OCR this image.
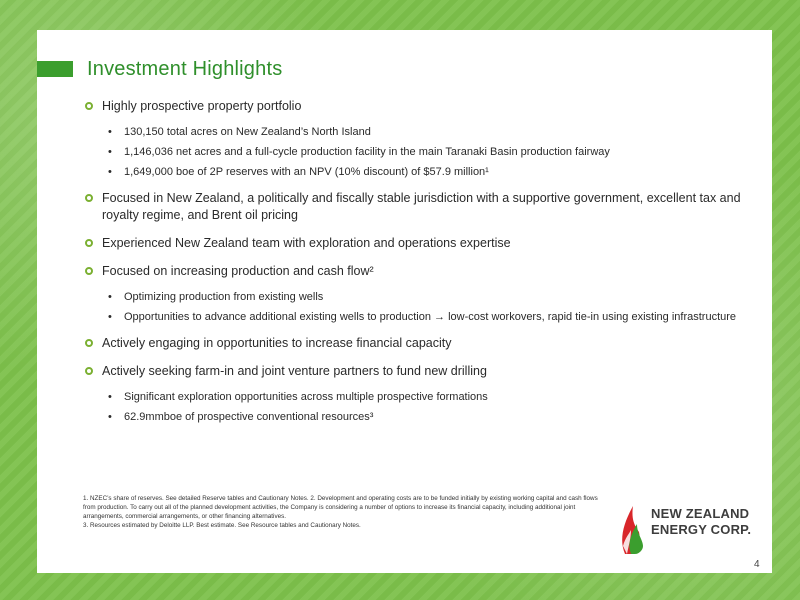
Investment Highlights
Highly prospective property portfolio
• 130,150 total acres on New Zealand’s North Island
• 1,146,036 net acres and a full-cycle production facility in the main Taranaki Basin production fairway
• 1,649,000 boe of 2P reserves with an NPV (10% discount) of $57.9 million¹
Focused in New Zealand, a politically and fiscally stable jurisdiction with a supportive government, excellent tax and royalty regime, and Brent oil pricing
Experienced New Zealand team with exploration and operations expertise
Focused on increasing production and cash flow²
• Optimizing production from existing wells
• Opportunities to advance additional existing wells to production → low-cost workovers, rapid tie-in using existing infrastructure
Actively engaging in opportunities to increase financial capacity
Actively seeking farm-in and joint venture partners to fund new drilling
• Significant exploration opportunities across multiple prospective formations
• 62.9mmboe of prospective conventional resources³
1. NZEC’s share of reserves. See detailed Reserve tables and Cautionary Notes. 2. Development and operating costs are to be funded initially by existing working capital and cash flows from production. To carry out all of the planned development activities, the Company is considering a number of options to increase its financial capacity, including additional joint arrangements, commercial arrangements, or other financing alternatives.
3. Resources estimated by Deloitte LLP. Best estimate. See Resource tables and Cautionary Notes.
NEW ZEALAND
ENERGY CORP.
4
